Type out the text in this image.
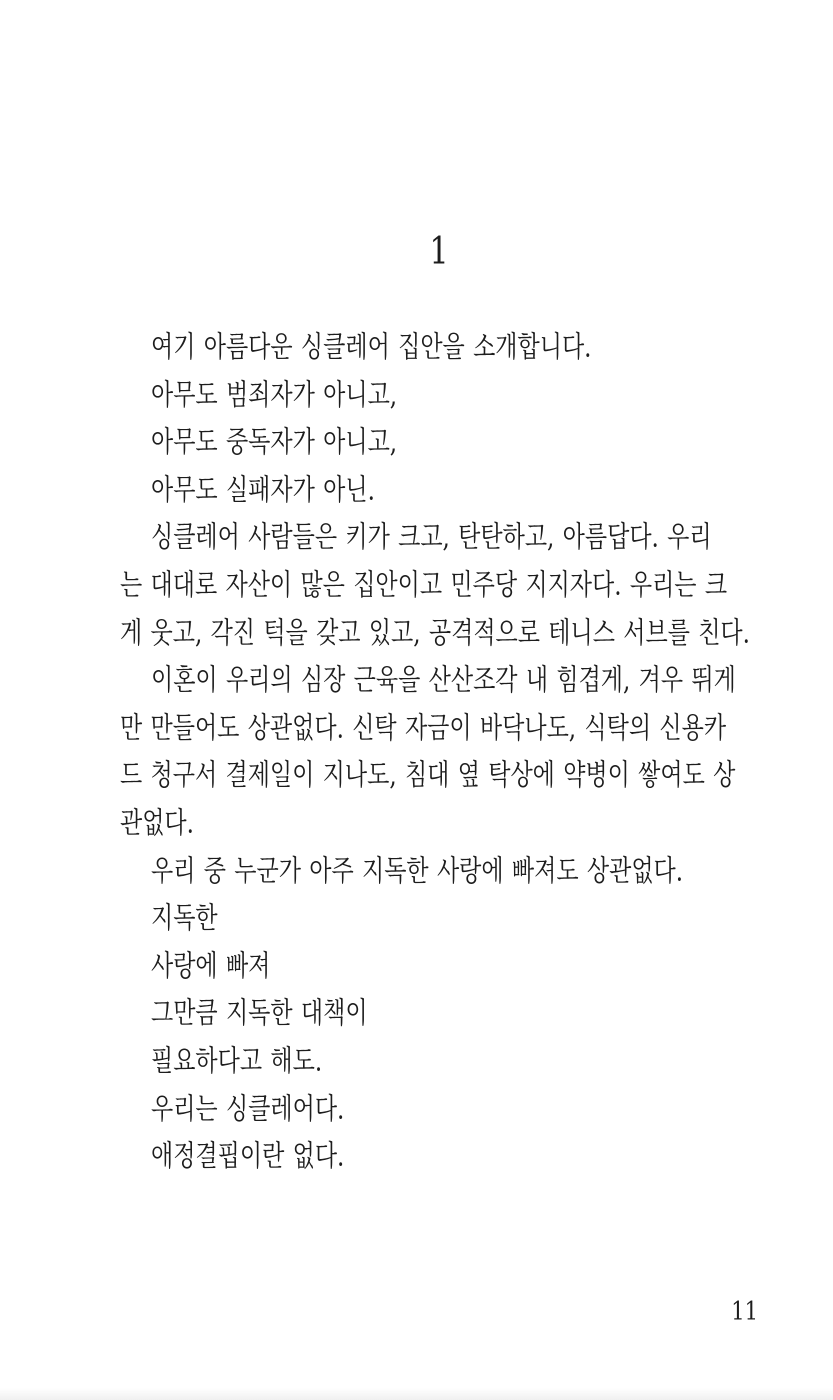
1
여기 아름다운 싱클레어 집안을 소개합니다.
아무도 범죄자가 아니고,
아무도 중독자가 아니고,
아무도 실패자가 아닌.
싱클레어 사람들은 키가 크고, 탄탄하고, 아름답다. 우리
는 대대로 자산이 많은 집안이고 민주당 지지자다. 우리는 크
게 웃고, 각진 턱을 갖고 있고, 공격적으로 테니스 서브를 친다.
이혼이 우리의 심장 근육을 산산조각 내 힘겹게, 겨우 뛰게
만 만들어도 상관없다. 신탁 자금이 바닥나도, 식탁의 신용카
드 청구서 결제일이 지나도, 침대 옆 탁상에 약병이 쌓여도 상
관없다.
우리 중 누군가 아주 지독한 사랑에 빠져도 상관없다.
지독한
사랑에 빠져
그만큼 지독한 대책이
필요하다고 해도.
우리는 싱클레어다.
애정결핍이란 없다.
11
